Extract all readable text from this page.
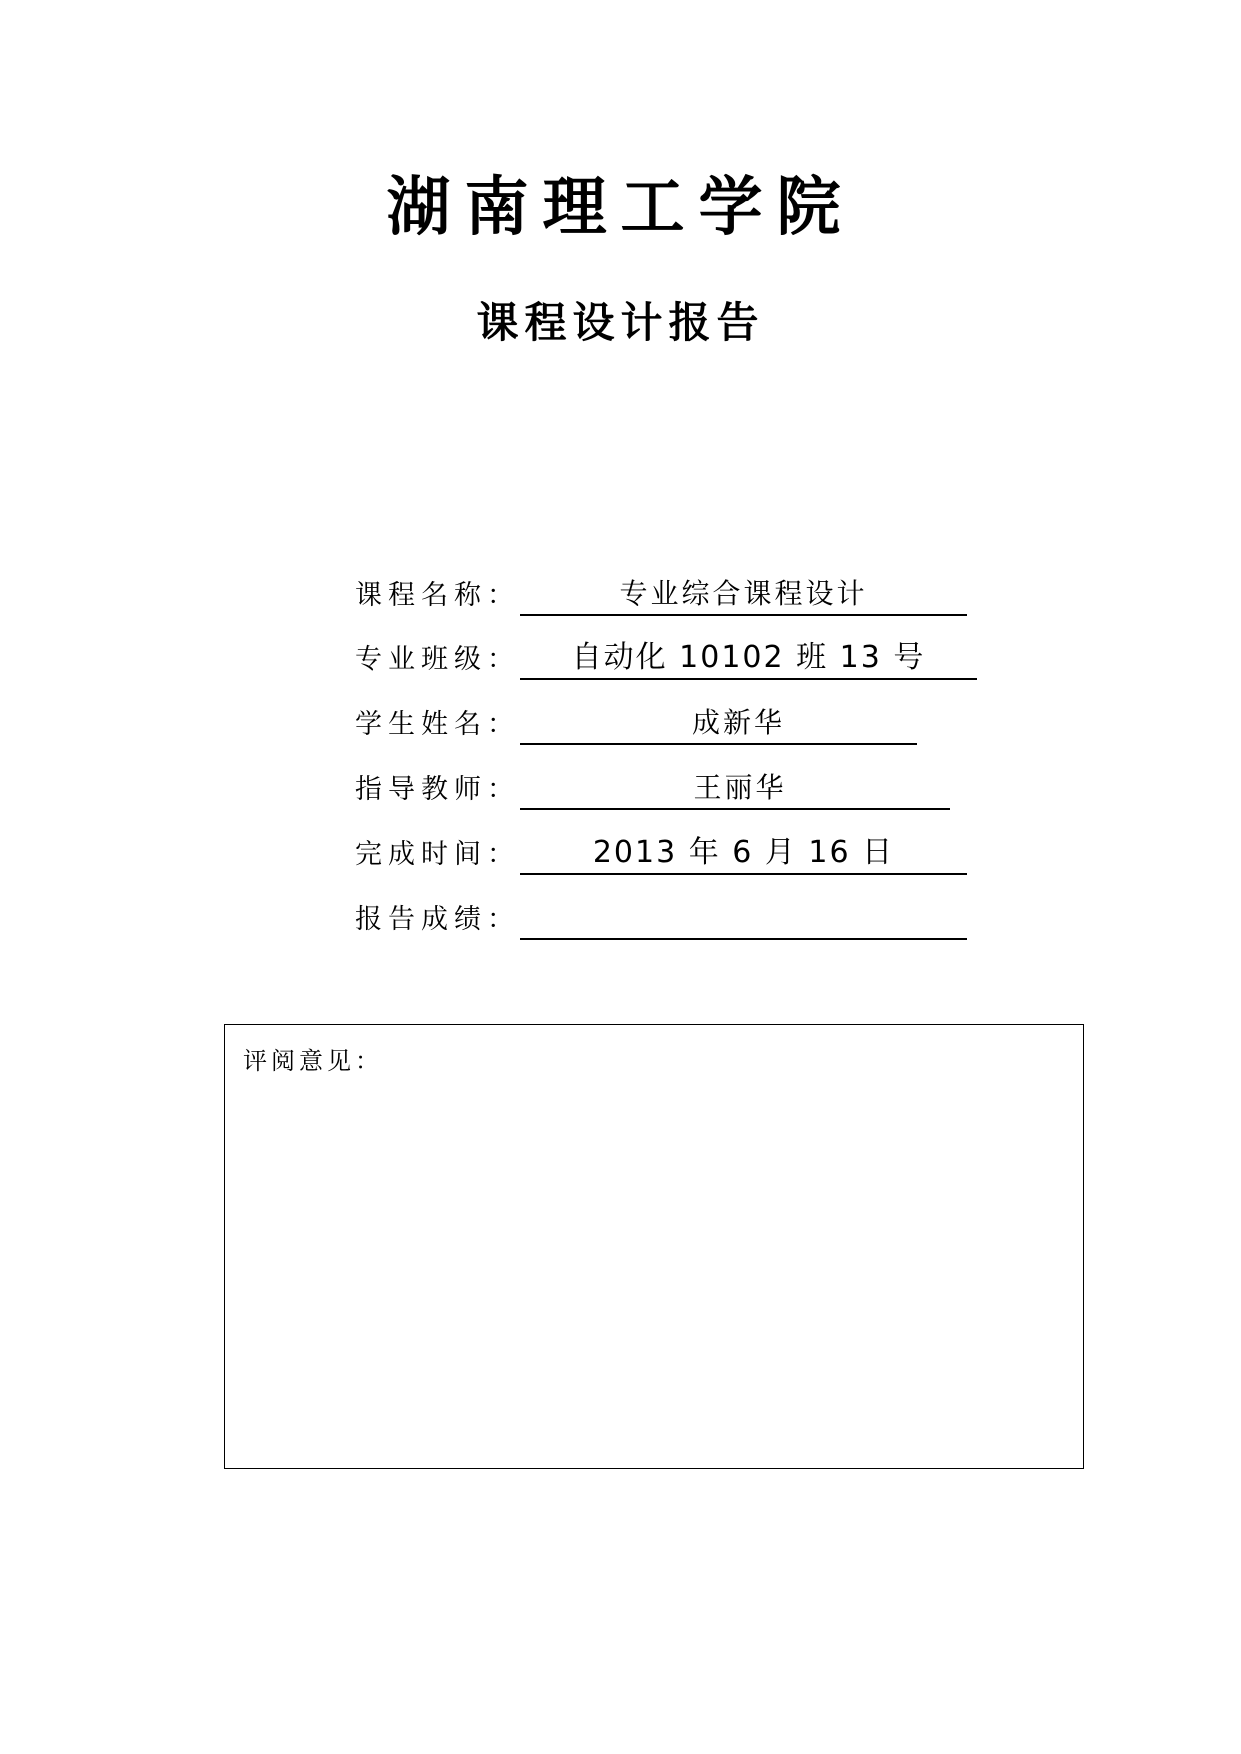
湖南理工学院
课程设计报告
课程名称：	专业综合课程设计
专业班级：	自动化 10102 班 13 号
学生姓名：	成新华
指导教师：	王丽华
完成时间：	2013 年 6 月 16 日
报告成绩：
评阅意见：
